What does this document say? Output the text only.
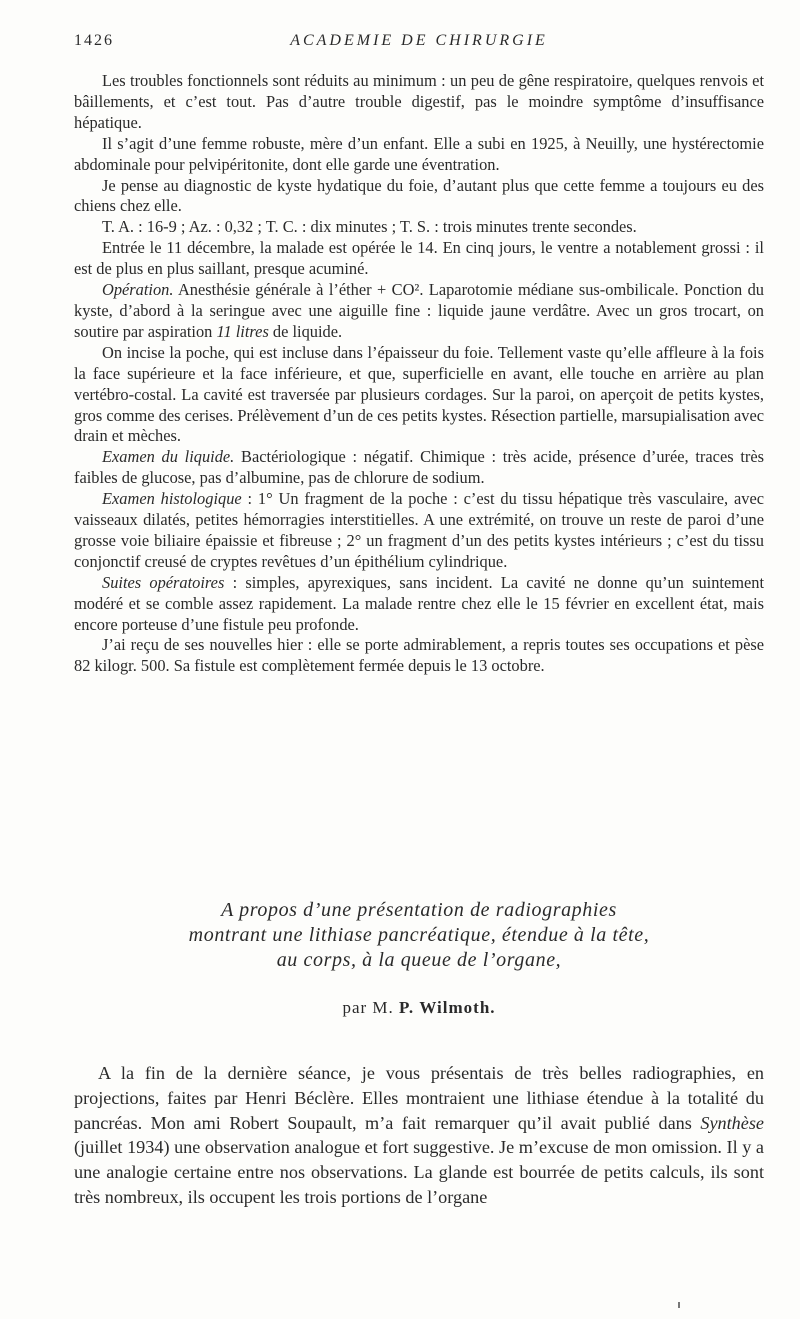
1426	ACADEMIE DE CHIRURGIE

Les troubles fonctionnels sont réduits au minimum : un peu de gêne respiratoire, quelques renvois et bâillements, et c’est tout. Pas d’autre trouble digestif, pas le moindre symptôme d’insuffisance hépatique.

Il s’agit d’une femme robuste, mère d’un enfant. Elle a subi en 1925, à Neuilly, une hystérectomie abdominale pour pelvipéritonite, dont elle garde une éventration.

Je pense au diagnostic de kyste hydatique du foie, d’autant plus que cette femme a toujours eu des chiens chez elle.

T. A. : 16-9 ; Az. : 0,32 ; T. C. : dix minutes ; T. S. : trois minutes trente secondes.

Entrée le 11 décembre, la malade est opérée le 14. En cinq jours, le ventre a notablement grossi : il est de plus en plus saillant, presque acuminé.

Opération. Anesthésie générale à l’éther + CO². Laparotomie médiane sus-ombilicale. Ponction du kyste, d’abord à la seringue avec une aiguille fine : liquide jaune verdâtre. Avec un gros trocart, on soutire par aspiration 11 litres de liquide.

On incise la poche, qui est incluse dans l’épaisseur du foie. Tellement vaste qu’elle affleure à la fois la face supérieure et la face inférieure, et que, superficielle en avant, elle touche en arrière au plan vertébro-costal. La cavité est traversée par plusieurs cordages. Sur la paroi, on aperçoit de petits kystes, gros comme des cerises. Prélèvement d’un de ces petits kystes. Résection partielle, marsupialisation avec drain et mèches.

Examen du liquide. Bactériologique : négatif. Chimique : très acide, présence d’urée, traces très faibles de glucose, pas d’albumine, pas de chlorure de sodium.

Examen histologique : 1° Un fragment de la poche : c’est du tissu hépatique très vasculaire, avec vaisseaux dilatés, petites hémorragies interstitielles. A une extrémité, on trouve un reste de paroi d’une grosse voie biliaire épaissie et fibreuse ; 2° un fragment d’un des petits kystes intérieurs ; c’est du tissu conjonctif creusé de cryptes revêtues d’un épithélium cylindrique.

Suites opératoires : simples, apyrexiques, sans incident. La cavité ne donne qu’un suintement modéré et se comble assez rapidement. La malade rentre chez elle le 15 février en excellent état, mais encore porteuse d’une fistule peu profonde.

J’ai reçu de ses nouvelles hier : elle se porte admirablement, a repris toutes ses occupations et pèse 82 kilogr. 500. Sa fistule est complètement fermée depuis le 13 octobre.

A propos d’une présentation de radiographies
montrant une lithiase pancréatique, étendue à la tête,
au corps, à la queue de l’organe,
par M. P. Wilmoth.

A la fin de la dernière séance, je vous présentais de très belles radiographies, en projections, faites par Henri Béclère. Elles montraient une lithiase étendue à la totalité du pancréas. Mon ami Robert Soupault, m’a fait remarquer qu’il avait publié dans Synthèse (juillet 1934) une observation analogue et fort suggestive. Je m’excuse de mon omission. Il y a une analogie certaine entre nos observations. La glande est bourrée de petits calculs, ils sont très nombreux, ils occupent les trois portions de l’organe
